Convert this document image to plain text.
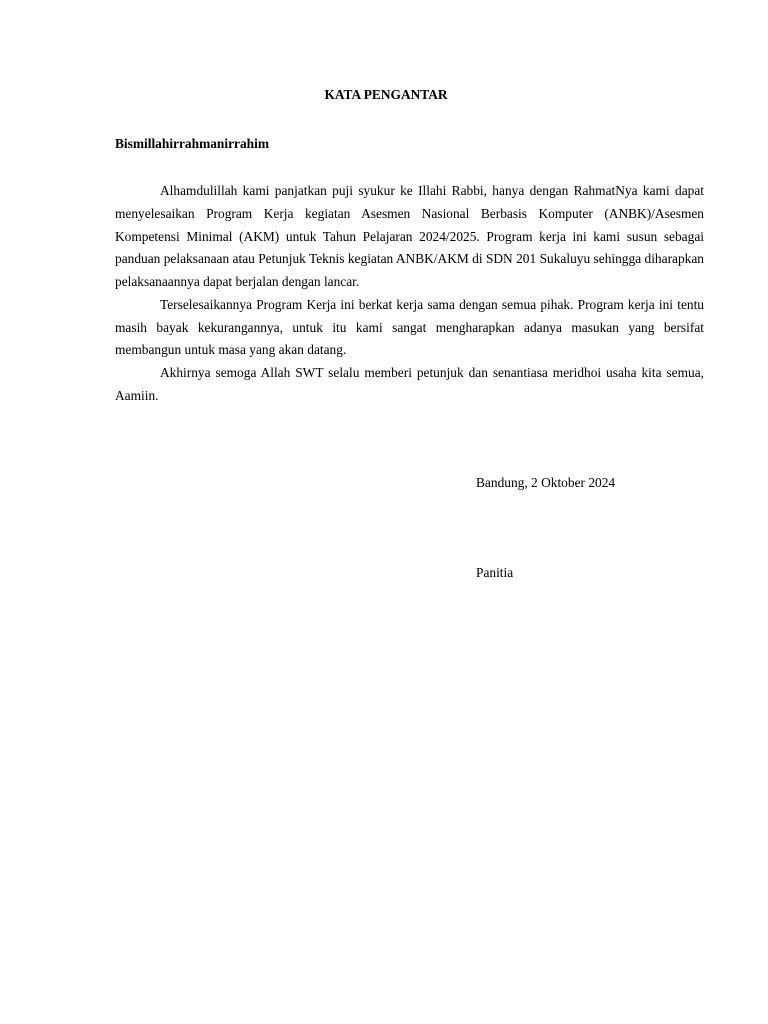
KATA PENGANTAR
Bismillahirrahmanirrahim

Alhamdulillah kami panjatkan puji syukur ke Illahi Rabbi, hanya dengan RahmatNya kami dapat menyelesaikan Program Kerja kegiatan Asesmen Nasional Berbasis Komputer (ANBK)/Asesmen Kompetensi Minimal (AKM) untuk Tahun Pelajaran 2024/2025. Program kerja ini kami susun sebagai panduan pelaksanaan atau Petunjuk Teknis kegiatan ANBK/AKM di SDN 201 Sukaluyu sehingga diharapkan pelaksanaannya dapat berjalan dengan lancar.

Terselesaikannya Program Kerja ini berkat kerja sama dengan semua pihak. Program kerja ini tentu masih bayak kekurangannya, untuk itu kami sangat mengharapkan adanya masukan yang bersifat membangun untuk masa yang akan datang.

Akhirnya semoga Allah SWT selalu memberi petunjuk dan senantiasa meridhoi usaha kita semua, Aamiin.

Bandung, 2 Oktober 2024
Panitia
